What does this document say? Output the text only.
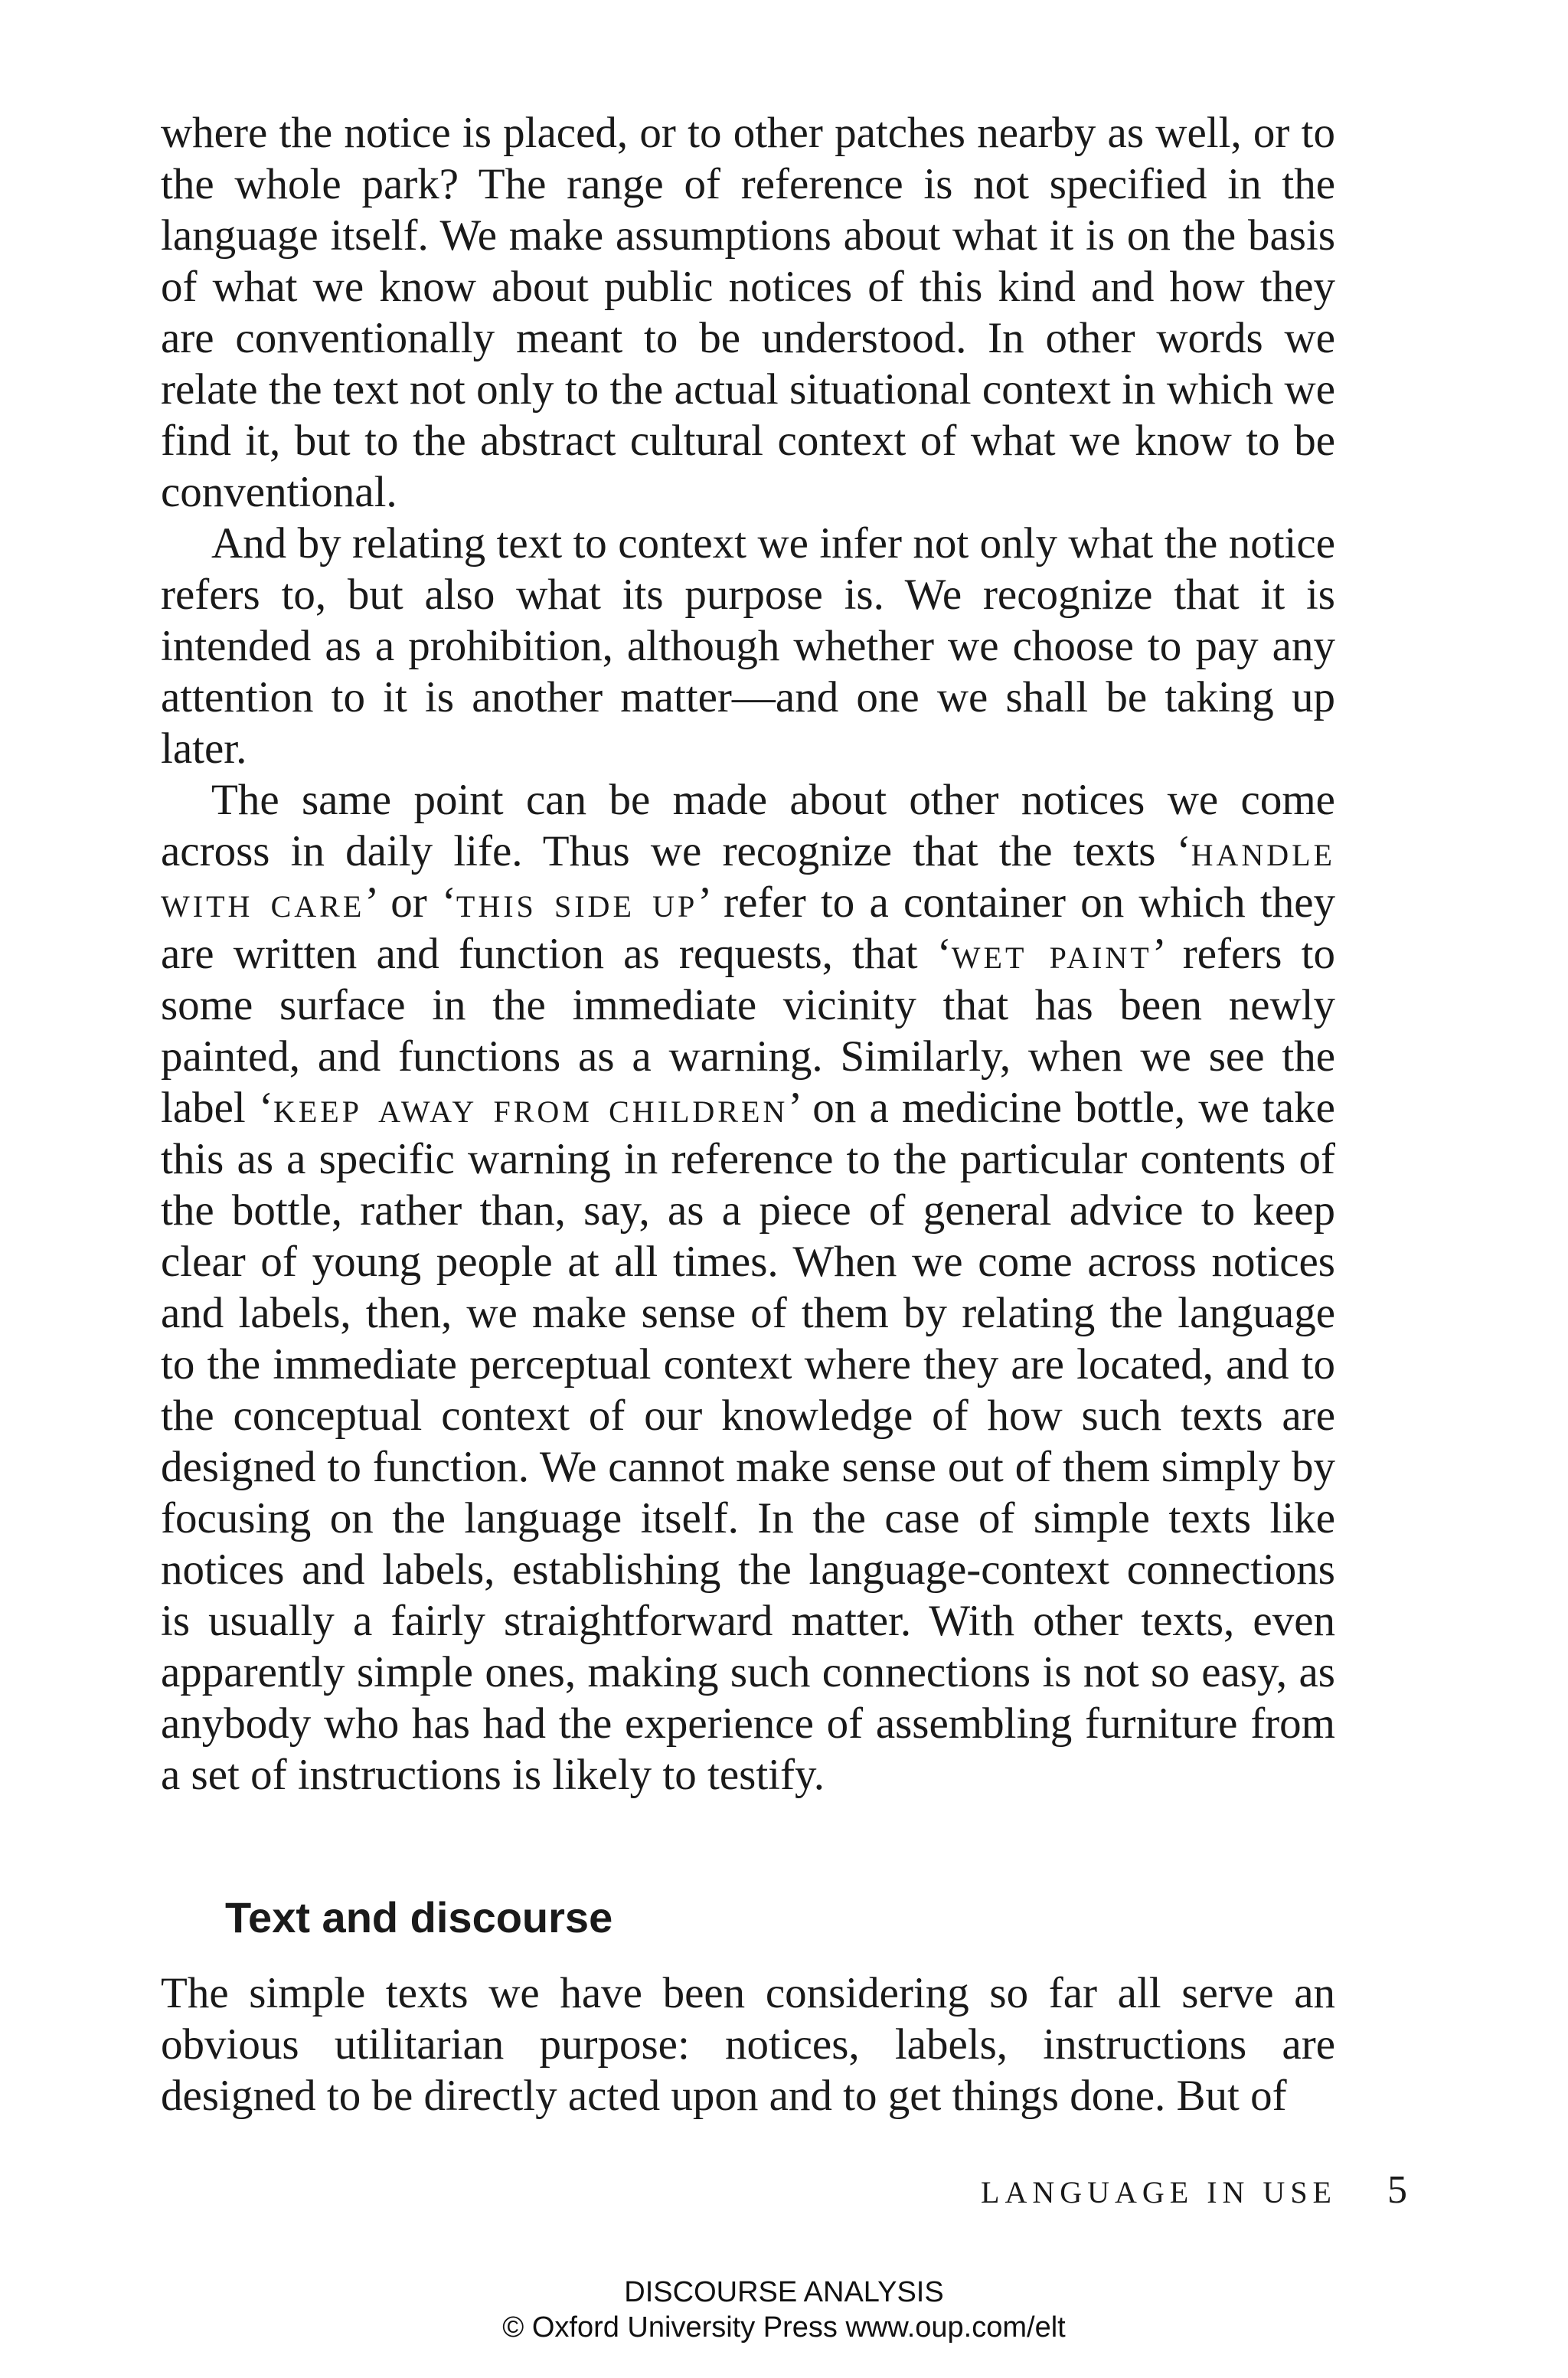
where the notice is placed, or to other patches nearby as well, or to the whole park? The range of reference is not specified in the language itself. We make assumptions about what it is on the basis of what we know about public notices of this kind and how they are conventionally meant to be understood. In other words we relate the text not only to the actual situational context in which we find it, but to the abstract cultural context of what we know to be conventional.

And by relating text to context we infer not only what the notice refers to, but also what its purpose is. We recognize that it is intended as a prohibition, although whether we choose to pay any attention to it is another matter—and one we shall be taking up later.

The same point can be made about other notices we come across in daily life. Thus we recognize that the texts ‘handle with care’ or ‘this side up’ refer to a container on which they are written and function as requests, that ‘wet paint’ refers to some surface in the immediate vicinity that has been newly painted, and functions as a warning. Similarly, when we see the label ‘keep away from children’ on a medicine bottle, we take this as a specific warning in reference to the particular contents of the bottle, rather than, say, as a piece of general advice to keep clear of young people at all times. When we come across notices and labels, then, we make sense of them by relating the language to the immediate perceptual context where they are located, and to the conceptual context of our knowledge of how such texts are designed to function. We cannot make sense out of them simply by focusing on the language itself. In the case of simple texts like notices and labels, establishing the language-context connections is usually a fairly straightforward matter. With other texts, even apparently simple ones, making such connections is not so easy, as anybody who has had the experience of assembling furniture from a set of instructions is likely to testify.

Text and discourse

The simple texts we have been considering so far all serve an obvious utilitarian purpose: notices, labels, instructions are designed to be directly acted upon and to get things done. But of

LANGUAGE IN USE 5
DISCOURSE ANALYSIS
© Oxford University Press www.oup.com/elt
